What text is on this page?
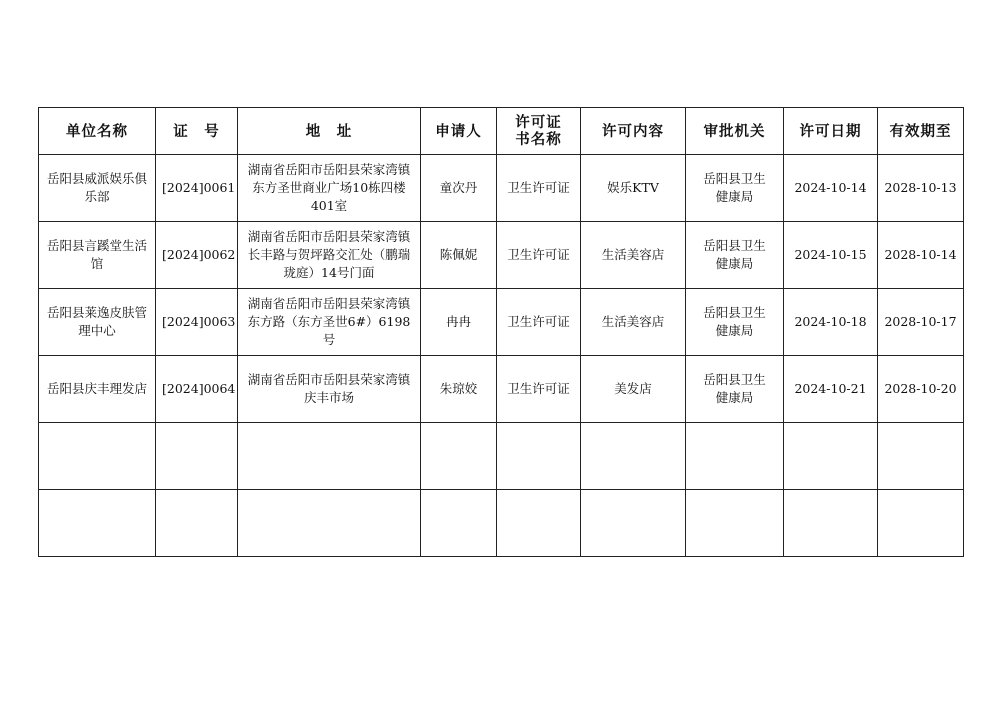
单位名称	证　号	地　址	申请人	许可证书名称	许可内容	审批机关	许可日期	有效期至
岳阳县威派娱乐俱乐部	[2024]0061	湖南省岳阳市岳阳县荣家湾镇东方圣世商业广场10栋四楼401室	童次丹	卫生许可证	娱乐KTV	岳阳县卫生健康局	2024-10-14	2028-10-13
岳阳县言蹊堂生活馆	[2024]0062	湖南省岳阳市岳阳县荣家湾镇长丰路与贺坪路交汇处（鹏瑞珑庭）14号门面	陈佩妮	卫生许可证	生活美容店	岳阳县卫生健康局	2024-10-15	2028-10-14
岳阳县莱逸皮肤管理中心	[2024]0063	湖南省岳阳市岳阳县荣家湾镇东方路（东方圣世6#）6198号	冉冉	卫生许可证	生活美容店	岳阳县卫生健康局	2024-10-18	2028-10-17
岳阳县庆丰理发店	[2024]0064	湖南省岳阳市岳阳县荣家湾镇庆丰市场	朱琼姣	卫生许可证	美发店	岳阳县卫生健康局	2024-10-21	2028-10-20
